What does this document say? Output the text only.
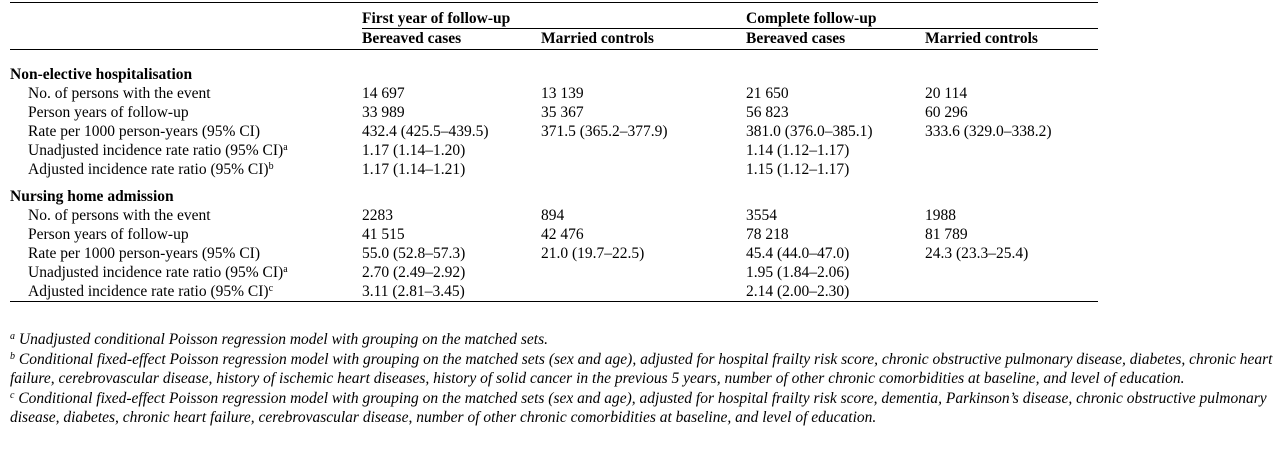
	First year of follow-up		Complete follow-up	
	Bereaved cases	Married controls	Bereaved cases	Married controls
Non-elective hospitalisation				
No. of persons with the event	14 697	13 139	21 650	20 114
Person years of follow-up	33 989	35 367	56 823	60 296
Rate per 1000 person-years (95% CI)	432.4 (425.5–439.5)	371.5 (365.2–377.9)	381.0 (376.0–385.1)	333.6 (329.0–338.2)
Unadjusted incidence rate ratio (95% CI)$^a$	1.17 (1.14–1.20)		1.14 (1.12–1.17)	
Adjusted incidence rate ratio (95% CI)$^b$	1.17 (1.14–1.21)		1.15 (1.12–1.17)	
Nursing home admission				
No. of persons with the event	2283	894	3554	1988
Person years of follow-up	41 515	42 476	78 218	81 789
Rate per 1000 person-years (95% CI)	55.0 (52.8–57.3)	21.0 (19.7–22.5)	45.4 (44.0–47.0)	24.3 (23.3–25.4)
Unadjusted incidence rate ratio (95% CI)$^a$	2.70 (2.49–2.92)		1.95 (1.84–2.06)	
Adjusted incidence rate ratio (95% CI)$^c$	3.11 (2.81–3.45)		2.14 (2.00–2.30)	

$^a$ Unadjusted conditional Poisson regression model with grouping on the matched sets.

$^b$ Conditional fixed-effect Poisson regression model with grouping on the matched sets (sex and age), adjusted for hospital frailty risk score, chronic obstructive pulmonary disease, diabetes, chronic heart failure, cerebrovascular disease, history of ischemic heart diseases, history of solid cancer in the previous 5 years, number of other chronic comorbidities at baseline, and level of education.

$^c$ Conditional fixed-effect Poisson regression model with grouping on the matched sets (sex and age), adjusted for hospital frailty risk score, dementia, Parkinson’s disease, chronic obstructive pulmonary disease, diabetes, chronic heart failure, cerebrovascular disease, number of other chronic comorbidities at baseline, and level of education.
